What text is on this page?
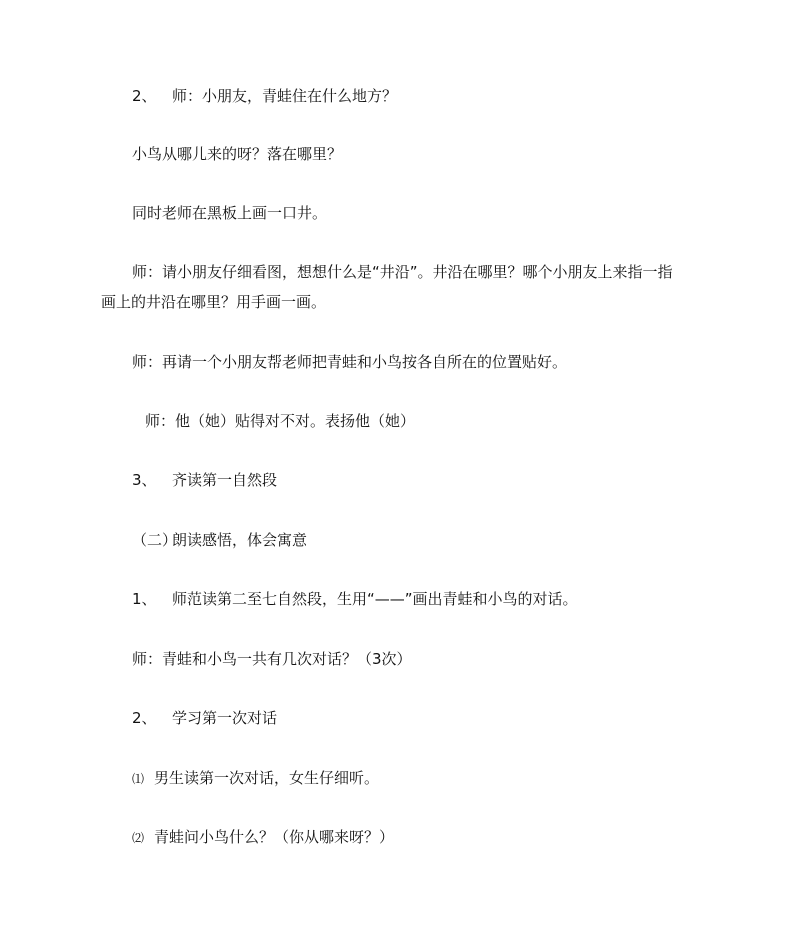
2、 师：小朋友，青蛙住在什么地方？
小鸟从哪儿来的呀？落在哪里？
同时老师在黑板上画一口井。
师：请小朋友仔细看图，想想什么是“井沿”。井沿在哪里？哪个小朋友上来指一指
画上的井沿在哪里？用手画一画。
师：再请一个小朋友帮老师把青蛙和小鸟按各自所在的位置贴好。
师：他（她）贴得对不对。表扬他（她）
3、 齐读第一自然段
（二）朗读感悟，体会寓意
1、 师范读第二至七自然段，生用“——”画出青蛙和小鸟的对话。
师：青蛙和小鸟一共有几次对话？（3次）
2、 学习第一次对话
⑴ 男生读第一次对话，女生仔细听。
⑵ 青蛙问小鸟什么？（你从哪来呀？）
